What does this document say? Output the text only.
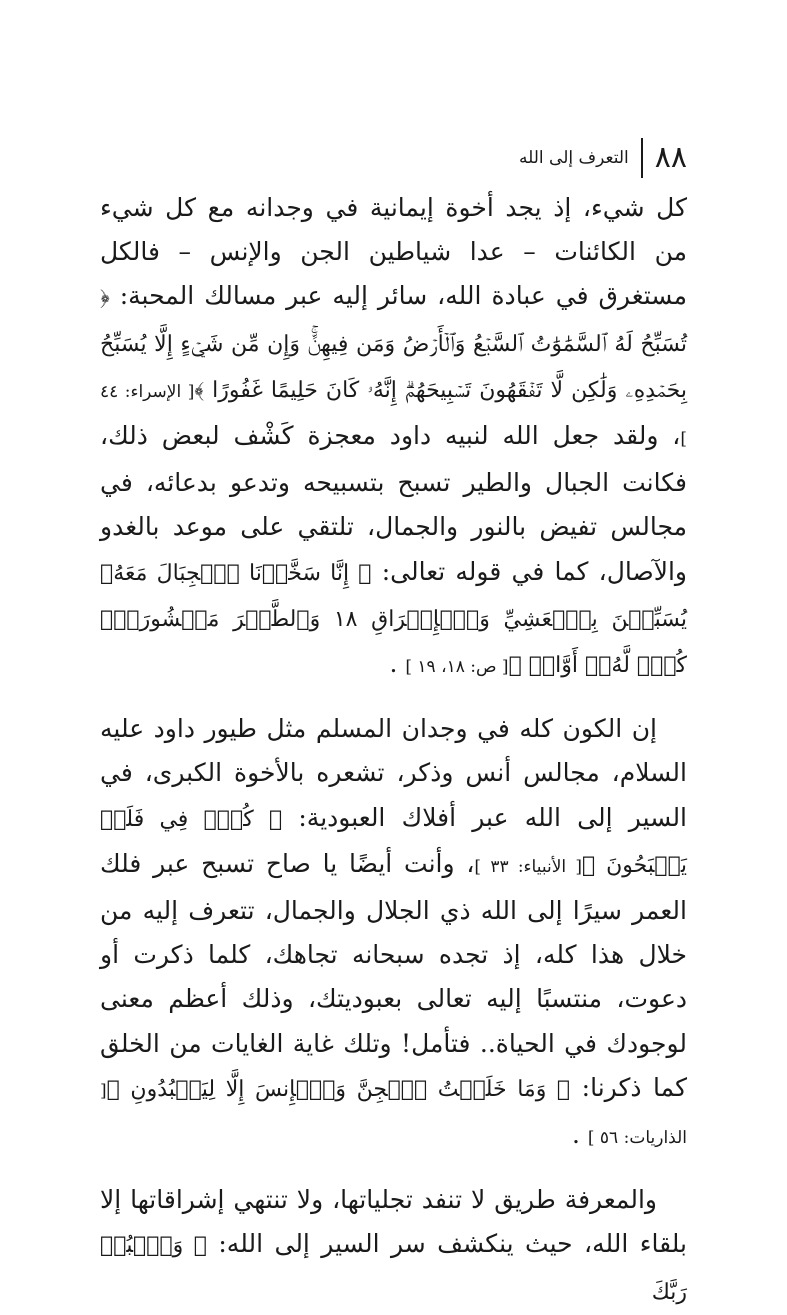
٨٨
التعرف إلى الله

كل شيء، إذ يجد أخوة إيمانية في وجدانه مع كل شيء من الكائنات – عدا شياطين الجن والإنس – فالكل مستغرق في عبادة الله، سائر إليه عبر مسالك المحبة: ﴿ تُسَبِّحُ لَهُ ٱلسَّمَٰوَٰتُ ٱلسَّبۡعُ وَٱلۡأَرۡضُ وَمَن فِيهِنَّۚ وَإِن مِّن شَيۡءٍ إِلَّا يُسَبِّحُ بِحَمۡدِهِۦ وَلَٰكِن لَّا تَفۡقَهُونَ تَسۡبِيحَهُمۡۗ إِنَّهُۥ كَانَ حَلِيمًا غَفُورًا ﴾[ الإسراء: ٤٤ ]، ولقد جعل الله لنبيه داود معجزة كَشْف لبعض ذلك، فكانت الجبال والطير تسبح بتسبيحه وتدعو بدعائه، في مجالس تفيض بالنور والجمال، تلتقي على موعد بالغدو والآصال، كما في قوله تعالى: ﴿ إِنَّا سَخَّرۡنَا ٱلۡجِبَالَ مَعَهُۥ يُسَبِّحۡنَ بِٱلۡعَشِيِّ وَٱلۡإِشۡرَاقِ ١٨ وَٱلطَّيۡرَ مَحۡشُورَةٗۖ كُلّٞ لَّهُۥٓ أَوَّابٞ ﴾[ ص: ١٨، ١٩ ] .

إن الكون كله في وجدان المسلم مثل طيور داود عليه السلام، مجالس أنس وذكر، تشعره بالأخوة الكبرى، في السير إلى الله عبر أفلاك العبودية: ﴿ كُلّٞ فِي فَلَكٖ يَسۡبَحُونَ ﴾[ الأنبياء: ٣٣ ]، وأنت أيضًا يا صاح تسبح عبر فلك العمر سيرًا إلى الله ذي الجلال والجمال، تتعرف إليه من خلال هذا كله، إذ تجده سبحانه تجاهك، كلما ذكرت أو دعوت، منتسبًا إليه تعالى بعبوديتك، وذلك أعظم معنى لوجودك في الحياة.. فتأمل! وتلك غاية الغايات من الخلق كما ذكرنا: ﴿ وَمَا خَلَقۡتُ ٱلۡجِنَّ وَٱلۡإِنسَ إِلَّا لِيَعۡبُدُونِ ﴾[ الذاريات: ٥٦ ] .

والمعرفة طريق لا تنفد تجلياتها، ولا تنتهي إشراقاتها إلا بلقاء الله، حيث ينكشف سر السير إلى الله: ﴿ وَٱعۡبُدۡ رَبَّكَ
